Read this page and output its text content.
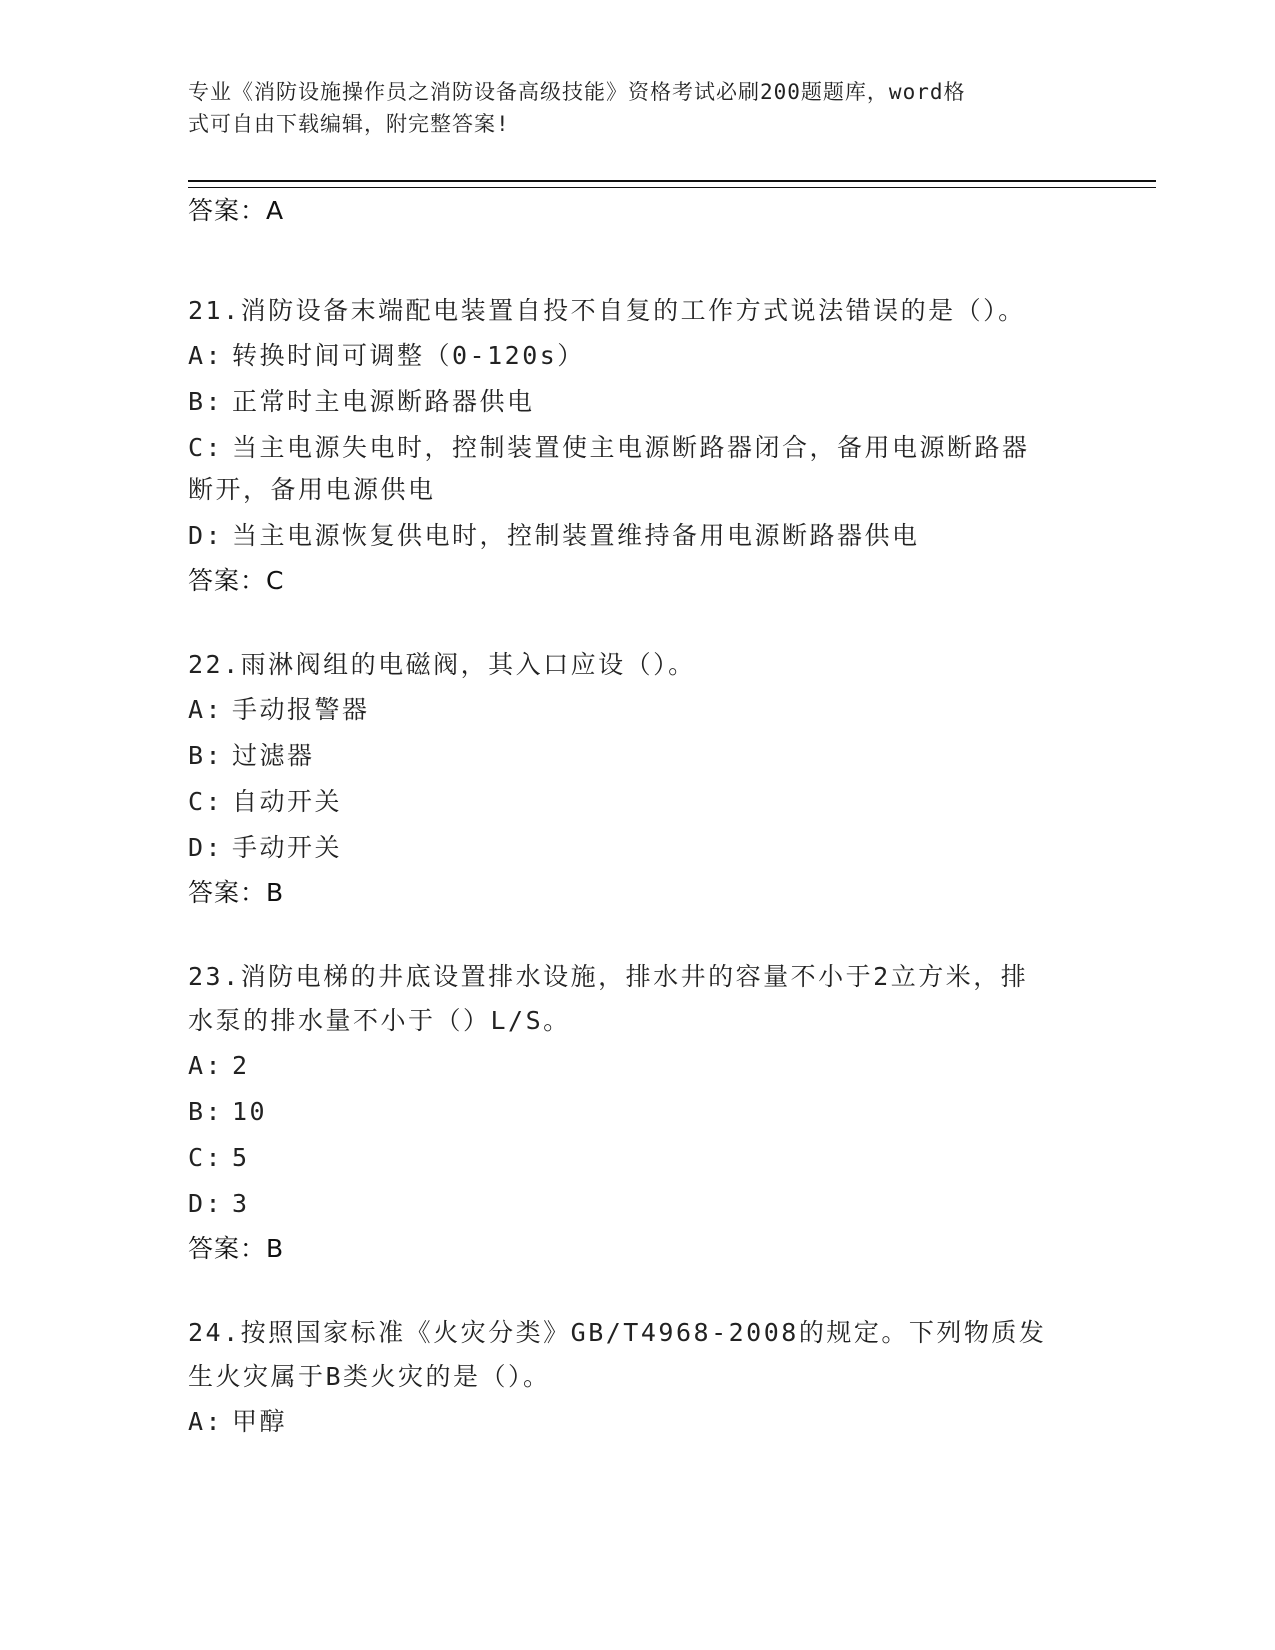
专业《消防设施操作员之消防设备高级技能》资格考试必刷200题题库，word格
式可自由下载编辑，附完整答案!
答案：A
21.消防设备末端配电装置自投不自复的工作方式说法错误的是（）。
A: 转换时间可调整（0-120s）
B: 正常时主电源断路器供电
C: 当主电源失电时，控制装置使主电源断路器闭合，备用电源断路器断开，备用电源供电
D: 当主电源恢复供电时，控制装置维持备用电源断路器供电
答案：C
22.雨淋阀组的电磁阀，其入口应设（）。
A: 手动报警器
B: 过滤器
C: 自动开关
D: 手动开关
答案：B
23.消防电梯的井底设置排水设施，排水井的容量不小于2立方米，排水泵的排水量不小于（）L/S。
A: 2
B: 10
C: 5
D: 3
答案：B
24.按照国家标准《火灾分类》GB/T4968-2008的规定。下列物质发生火灾属于B类火灾的是（）。
A: 甲醇
